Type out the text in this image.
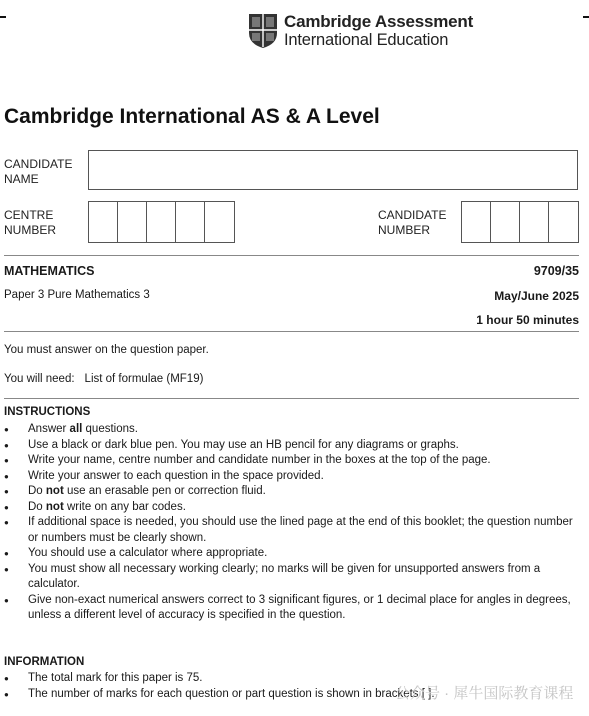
Cambridge Assessment
International Education
Cambridge International AS & A Level
CANDIDATE
NAME
CENTRE
NUMBER
CANDIDATE
NUMBER
MATHEMATICS	9709/35
Paper 3 Pure Mathematics 3	May/June 2025
1 hour 50 minutes
You must answer on the question paper.
You will need: List of formulae (MF19)
INSTRUCTIONS
● Answer all questions.
● Use a black or dark blue pen. You may use an HB pencil for any diagrams or graphs.
● Write your name, centre number and candidate number in the boxes at the top of the page.
● Write your answer to each question in the space provided.
● Do not use an erasable pen or correction fluid.
● Do not write on any bar codes.
● If additional space is needed, you should use the lined page at the end of this booklet; the question number or numbers must be clearly shown.
● You should use a calculator where appropriate.
● You must show all necessary working clearly; no marks will be given for unsupported answers from a calculator.
● Give non-exact numerical answers correct to 3 significant figures, or 1 decimal place for angles in degrees, unless a different level of accuracy is specified in the question.
INFORMATION
● The total mark for this paper is 75.
● The number of marks for each question or part question is shown in brackets [ ].
公众号 · 犀牛国际教育课程
